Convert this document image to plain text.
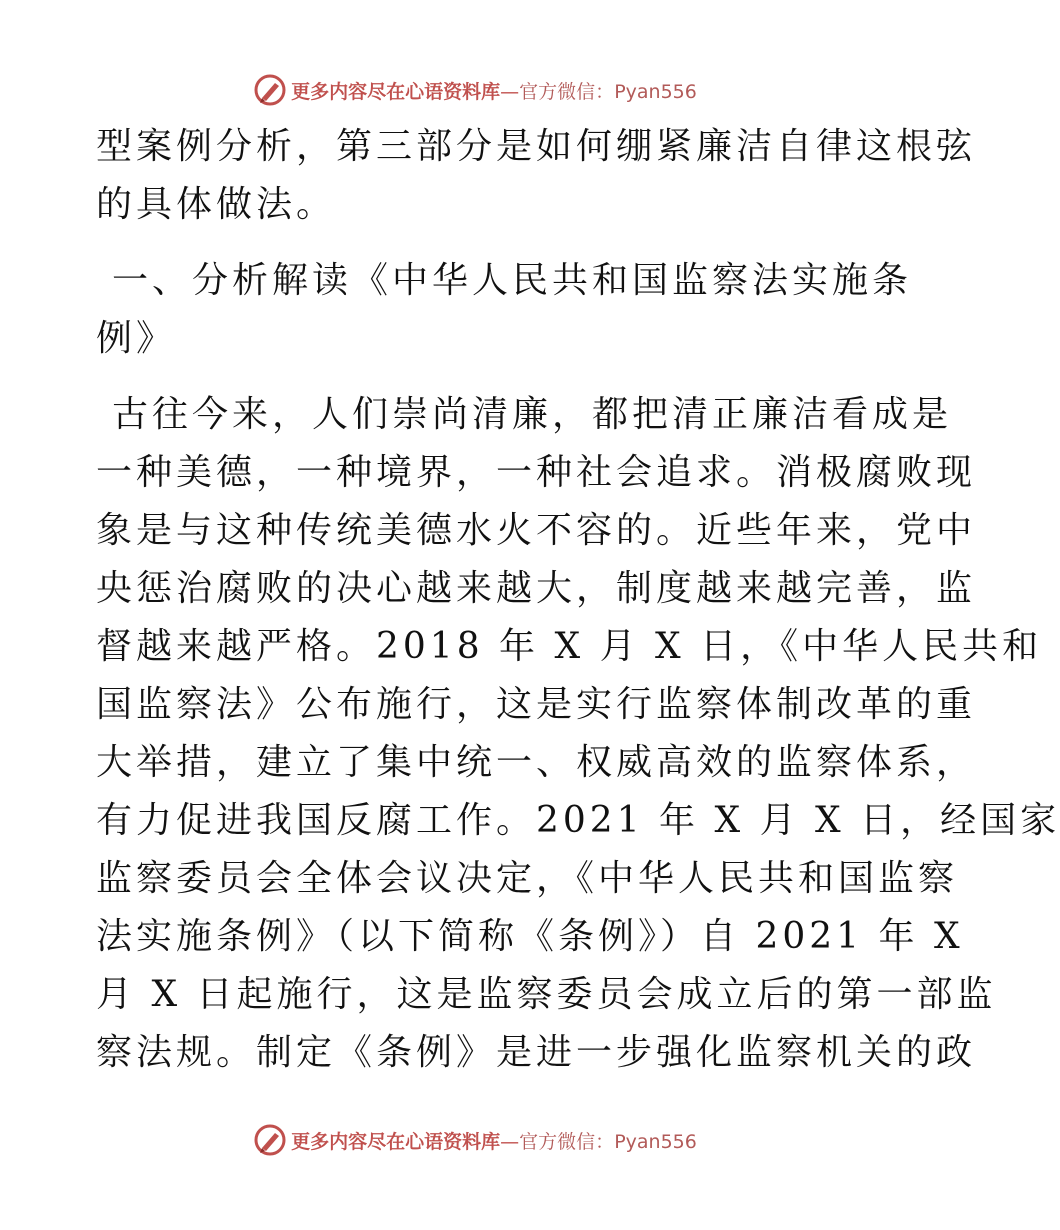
更多内容尽在心语资料库—官方微信：Pyan556
型案例分析，第三部分是如何绷紧廉洁自律这根弦
的具体做法。
一、分析解读《中华人民共和国监察法实施条
例》
古往今来，人们崇尚清廉，都把清正廉洁看成是
一种美德，一种境界，一种社会追求。消极腐败现
象是与这种传统美德水火不容的。近些年来，党中
央惩治腐败的决心越来越大，制度越来越完善，监
督越来越严格。2018 年 X 月 X 日，《中华人民共和
国监察法》公布施行，这是实行监察体制改革的重
大举措，建立了集中统一、权威高效的监察体系，
有力促进我国反腐工作。2021 年 X 月 X 日，经国家
监察委员会全体会议决定，《中华人民共和国监察
法实施条例》（以下简称《条例》）自 2021 年 X
月 X 日起施行，这是监察委员会成立后的第一部监
察法规。制定《条例》是进一步强化监察机关的政
更多内容尽在心语资料库—官方微信：Pyan556
